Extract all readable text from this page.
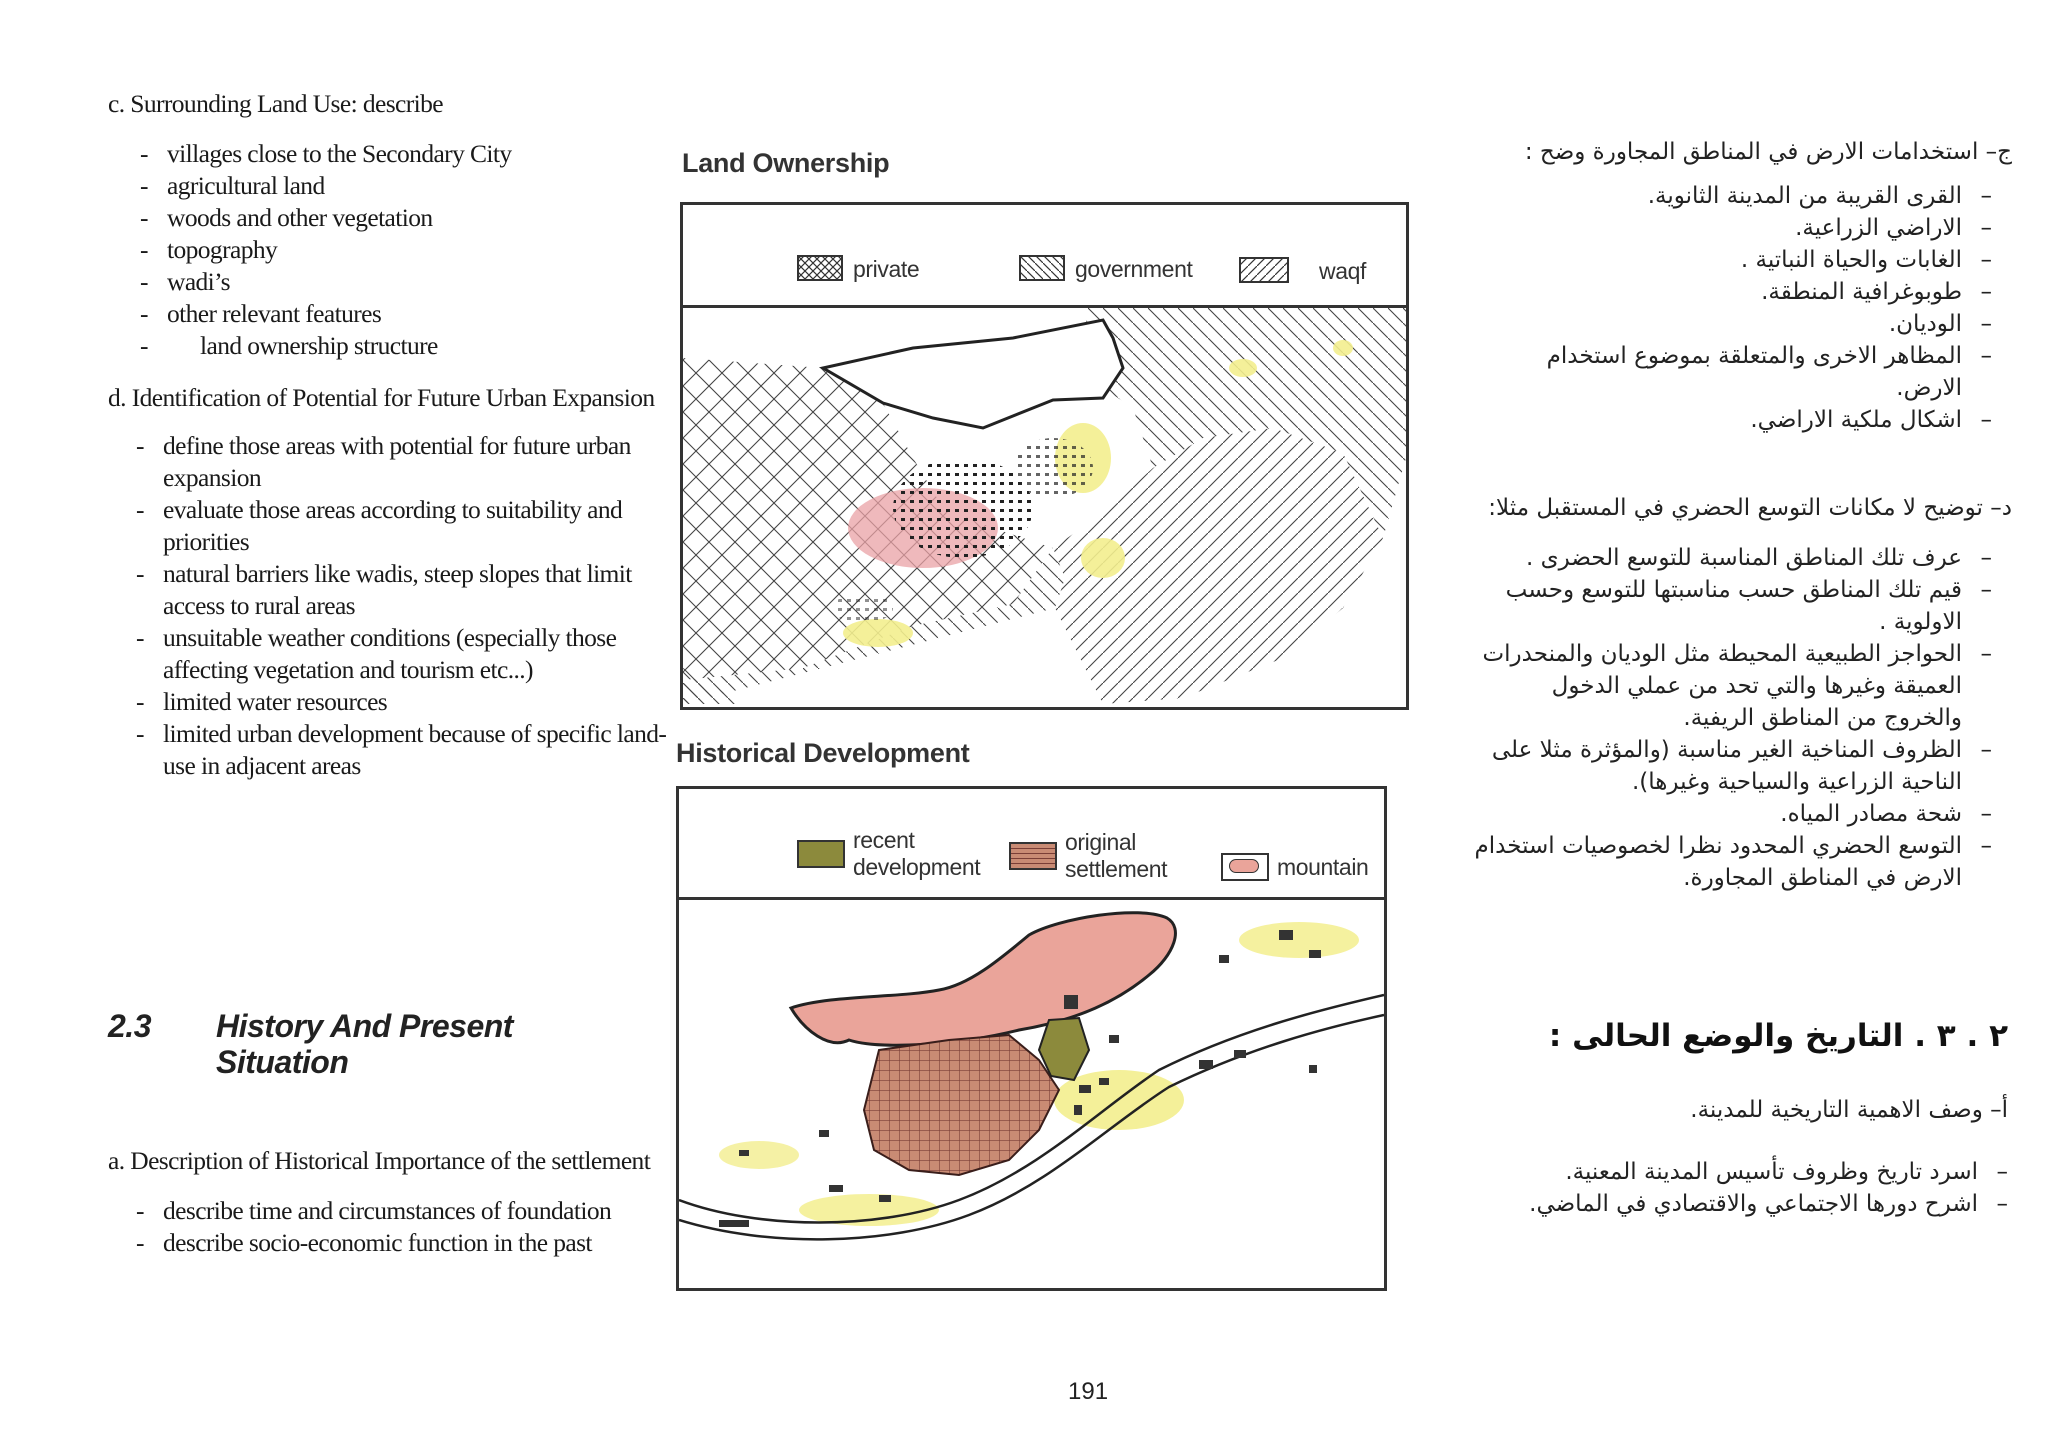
c. Surrounding Land Use: describe
- villages close to the Secondary City
- agricultural land
- woods and other vegetation
- topography
- wadi’s
- other relevant features
- land ownership structure
d. Identification of Potential for Future Urban Expansion
- define those areas with potential for future urban expansion
- evaluate those areas according to suitability and priorities
- natural barriers like wadis, steep slopes that limit access to rural areas
- unsuitable weather conditions (especially those affecting vegetation and tourism etc...)
- limited water resources
- limited urban development because of specific land-use in adjacent areas
2.3 History And Present Situation
a. Description of Historical Importance of the settlement
- describe time and circumstances of foundation
- describe socio-economic function in the past
Land Ownership
private	government	waqf
Historical Development
recent
development
original
settlement	mountain
ج– استخدامات الارض في المناطق المجاورة وضح :
– القرى القريبة من المدينة الثانوية.
– الاراضي الزراعية.
– الغابات والحياة النباتية .
– طوبوغرافية المنطقة.
– الوديان.
– المظاهر الاخرى والمتعلقة بموضوع استخدام الارض.
– اشكال ملكية الاراضي.
د– توضيح لا مكانات التوسع الحضري في المستقبل مثلا:
– عرف تلك المناطق المناسبة للتوسع الحضرى .
– قيم تلك المناطق حسب مناسبتها للتوسع وحسب الاولوية .
– الحواجز الطبيعية المحيطة مثل الوديان والمنحدرات العميقة وغيرها والتي تحد من عملي الدخول والخروج من المناطق الريفية.
– الظروف المناخية الغير مناسبة (والمؤثرة مثلا على الناحية الزراعية والسياحية وغيرها).
– شحة مصادر المياه.
– التوسع الحضري المحدود نظرا لخصوصيات استخدام الارض في المناطق المجاورة.
٢ . ٣ . التاريخ والوضع الحالى :
أ– وصف الاهمية التاريخية للمدينة.
– اسرد تاريخ وظروف تأسيس المدينة المعنية.
– اشرح دورها الاجتماعي والاقتصادي في الماضي.
191
